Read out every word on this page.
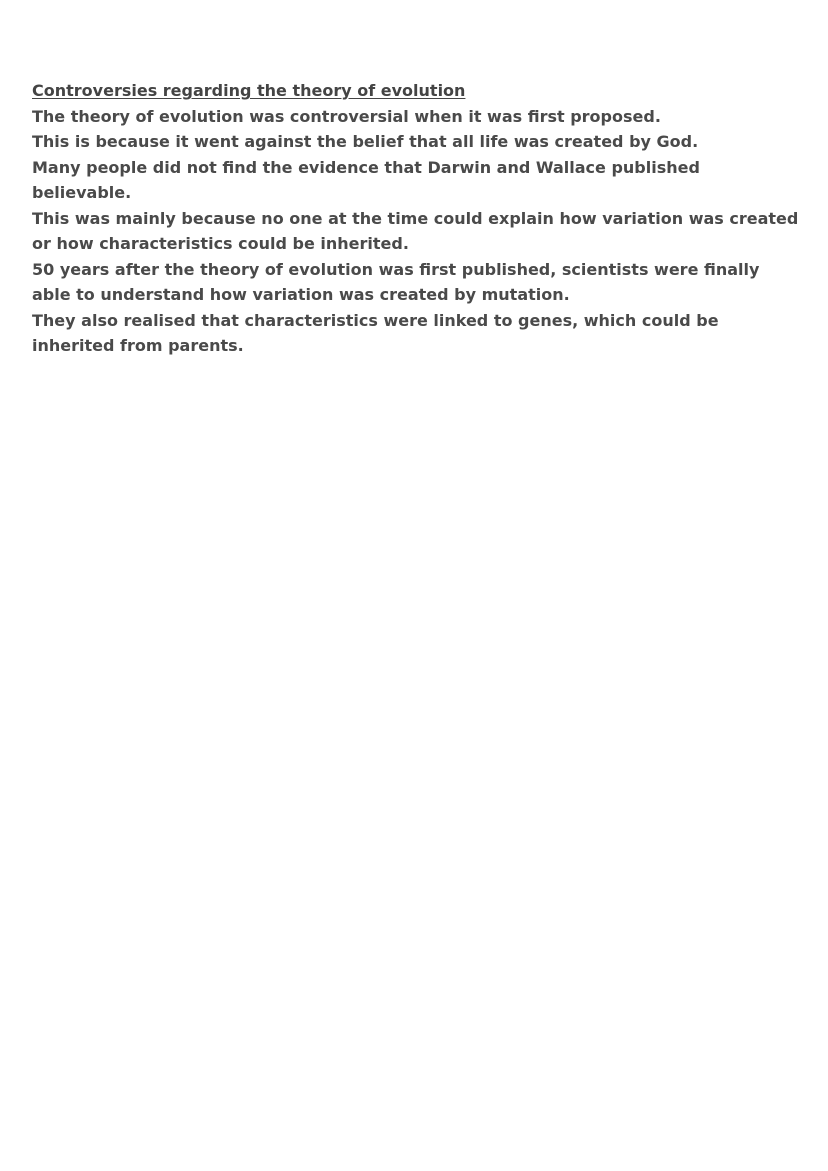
Controversies regarding the theory of evolution

The theory of evolution was controversial when it was first proposed.

This is because it went against the belief that all life was created by God.

Many people did not find the evidence that Darwin and Wallace published believable.

This was mainly because no one at the time could explain how variation was created or how characteristics could be inherited.

50 years after the theory of evolution was first published, scientists were finally able to understand how variation was created by mutation.

They also realised that characteristics were linked to genes, which could be inherited from parents.
